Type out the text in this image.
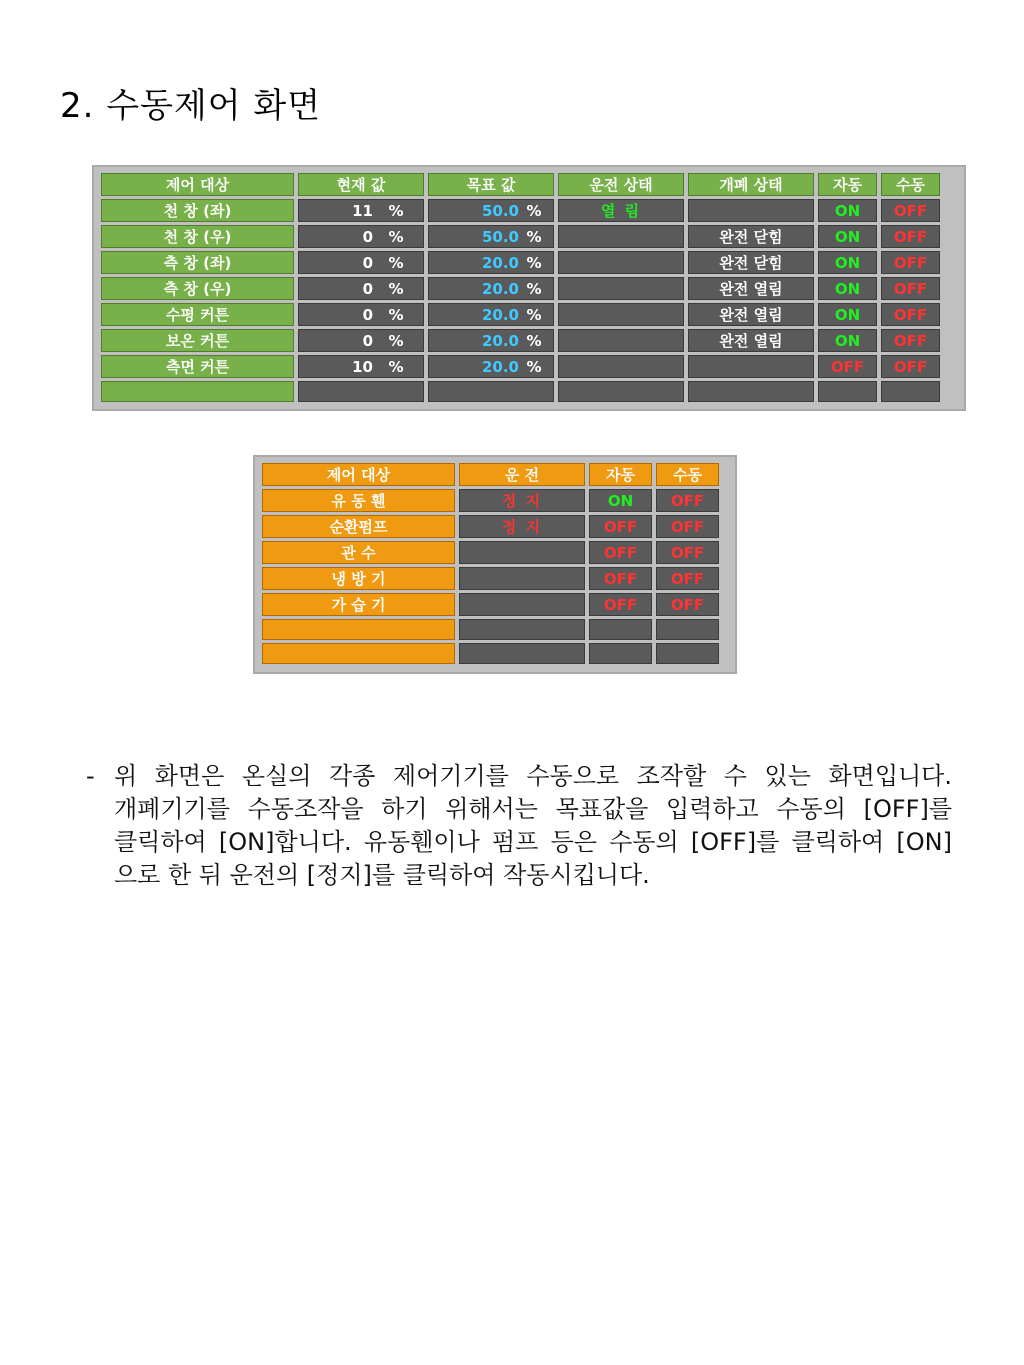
2. 수동제어 화면
제어 대상	현재 값	목표 값	운전 상태	개폐 상태	자동	수동
천 창 (좌)	11 %	50.0 %	열 림		ON	OFF
천 창 (우)	0 %	50.0 %		완전 닫힘	ON	OFF
측 창 (좌)	0 %	20.0 %		완전 닫힘	ON	OFF
측 창 (우)	0 %	20.0 %		완전 열림	ON	OFF
수평 커튼	0 %	20.0 %		완전 열림	ON	OFF
보온 커튼	0 %	20.0 %		완전 열림	ON	OFF
측면 커튼	10 %	20.0 %			OFF	OFF

제어 대상	운 전	자동	수동
유 동 휀	정 지	ON	OFF
순환펌프	정 지	OFF	OFF
관 수		OFF	OFF
냉 방 기		OFF	OFF
가 습 기		OFF	OFF

- 위 화면은 온실의 각종 제어기기를 수동으로 조작할 수 있는 화면입니다. 개폐기기를 수동조작을 하기 위해서는 목표값을 입력하고 수동의 [OFF]를 클릭하여 [ON]합니다. 유동휀이나 펌프 등은 수동의 [OFF]를 클릭하여 [ON]으로 한 뒤 운전의 [정지]를 클릭하여 작동시킵니다.
